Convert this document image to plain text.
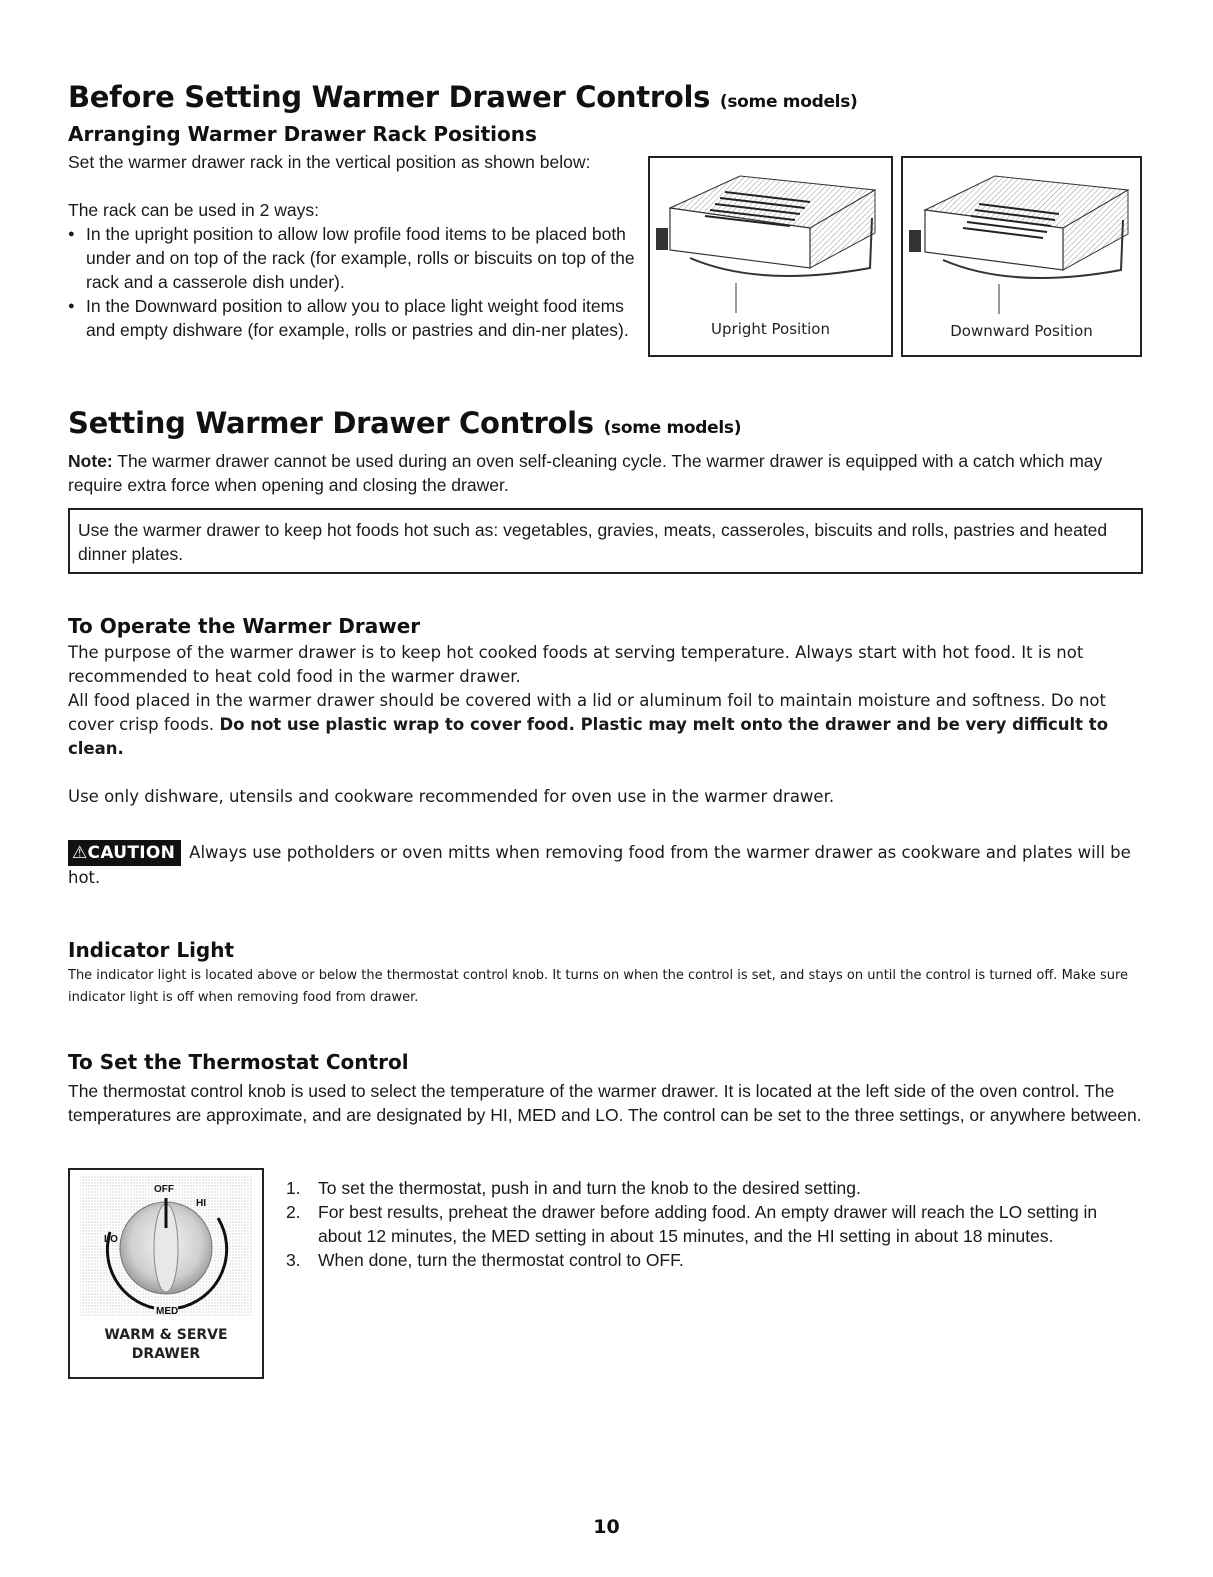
Before Setting Warmer Drawer Controls (some models)
Arranging Warmer Drawer Rack Positions
Set the warmer drawer rack in the vertical position as shown below:
The rack can be used in 2 ways:
● In the upright position to allow low profile food items to be placed both under and on top of the rack (for example, rolls or biscuits on top of the rack and a casserole dish under).
● In the Downward position to allow you to place light weight food items and empty dishware (for example, rolls or pastries and din-ner plates).	Upright Position	Downward Position
Setting Warmer Drawer Controls (some models)
Note: The warmer drawer cannot be used during an oven self-cleaning cycle. The warmer drawer is equipped with a catch which may require extra force when opening and closing the drawer.
Use the warmer drawer to keep hot foods hot such as: vegetables, gravies, meats, casseroles, biscuits and rolls, pastries and heated dinner plates.
To Operate the Warmer Drawer
The purpose of the warmer drawer is to keep hot cooked foods at serving temperature. Always start with hot food. It is not recommended to heat cold food in the warmer drawer.
All food placed in the warmer drawer should be covered with a lid or aluminum foil to maintain moisture and softness. Do not cover crisp foods. Do not use plastic wrap to cover food. Plastic may melt onto the drawer and be very difficult to clean.
Use only dishware, utensils and cookware recommended for oven use in the warmer drawer.
⚠CAUTION Always use potholders or oven mitts when removing food from the warmer drawer as cookware and plates will be hot.
Indicator Light
The indicator light is located above or below the thermostat control knob. It turns on when the control is set, and stays on until the control is turned off. Make sure indicator light is off when removing food from drawer.
To Set the Thermostat Control
The thermostat control knob is used to select the temperature of the warmer drawer. It is located at the left side of the oven control. The temperatures are approximate, and are designated by HI, MED and LO. The control can be set to the three settings, or anywhere between.
OFF
HI
LO
MED
WARM & SERVE
DRAWER
1. To set the thermostat, push in and turn the knob to the desired setting.
2. For best results, preheat the drawer before adding food. An empty drawer will reach the LO setting in about 12 minutes, the MED setting in about 15 minutes, and the HI setting in about 18 minutes.
3. When done, turn the thermostat control to OFF.
10
